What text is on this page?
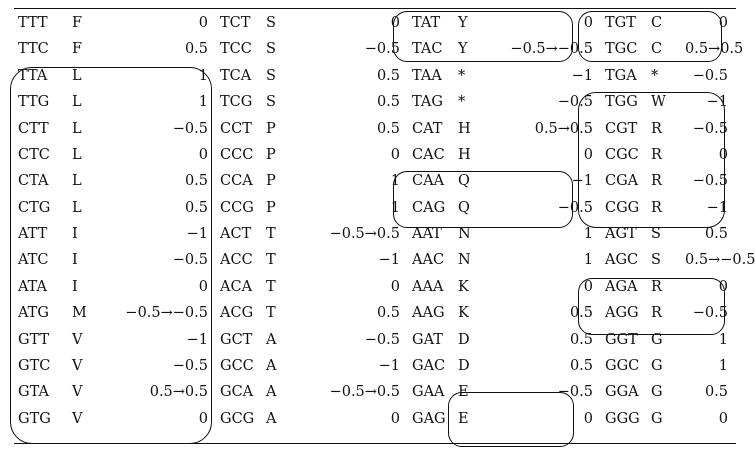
TTT	F	0	TCT	S	0	TAT	Y	0	TGT	C	0
TTC	F	0.5	TCC	S	−0.5	TAC	Y	−0.5→−0.5	TGC	C	0.5→0.5
TTA	L	1	TCA	S	0.5	TAA	*	−1	TGA	*	−0.5
TTG	L	1	TCG	S	0.5	TAG	*	−0.5	TGG	W	−1
CTT	L	−0.5	CCT	P	0.5	CAT	H	0.5→0.5	CGT	R	−0.5
CTC	L	0	CCC	P	0	CAC	H	0	CGC	R	0
CTA	L	0.5	CCA	P	1	CAA	Q	−1	CGA	R	−0.5
CTG	L	0.5	CCG	P	1	CAG	Q	−0.5	CGG	R	−1
ATT	I	−1	ACT	T	−0.5→0.5	AAT	N	1	AGT	S	0.5
ATC	I	−0.5	ACC	T	−1	AAC	N	1	AGC	S	0.5→−0.5
ATA	I	0	ACA	T	0	AAA	K	0	AGA	R	0
ATG	M	−0.5→−0.5	ACG	T	0.5	AAG	K	0.5	AGG	R	−0.5
GTT	V	−1	GCT	A	−0.5	GAT	D	0.5	GGT	G	1
GTC	V	−0.5	GCC	A	−1	GAC	D	0.5	GGC	G	1
GTA	V	0.5→0.5	GCA	A	−0.5→0.5	GAA	E	−0.5	GGA	G	0.5
GTG	V	0	GCG	A	0	GAG	E	0	GGG	G	0
